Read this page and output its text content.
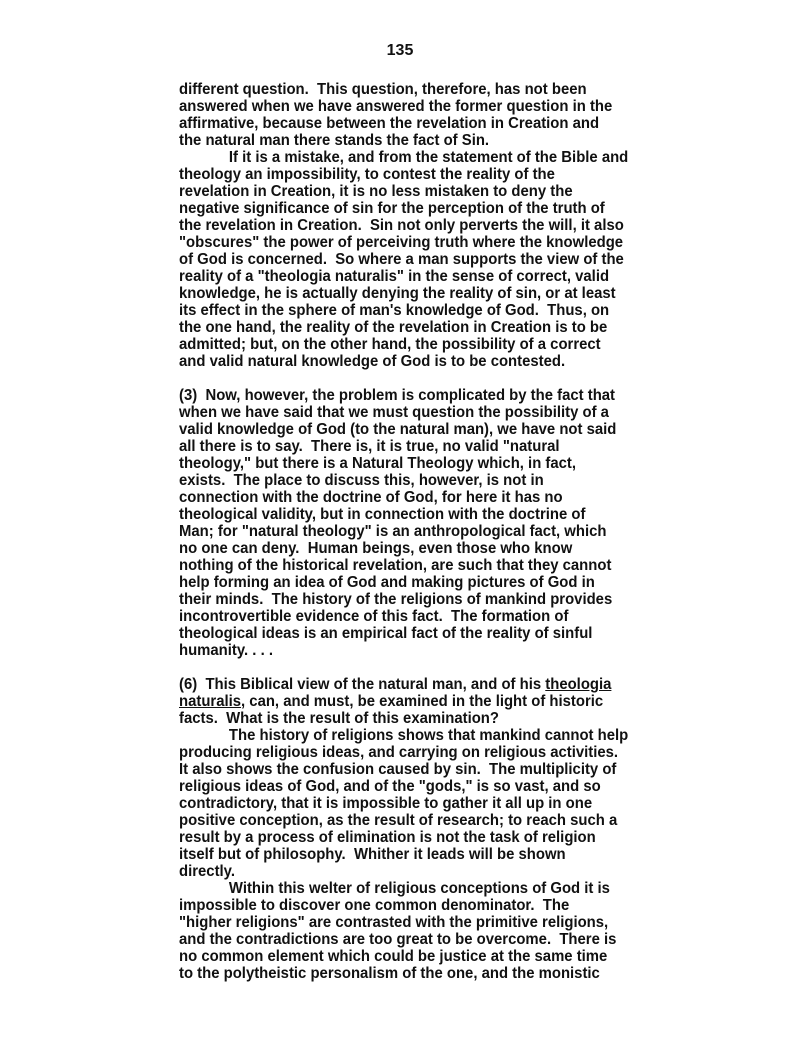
135
different question.  This question, therefore, has not been
answered when we have answered the former question in the
affirmative, because between the revelation in Creation and
the natural man there stands the fact of Sin.
If it is a mistake, and from the statement of the Bible and
theology an impossibility, to contest the reality of the
revelation in Creation, it is no less mistaken to deny the
negative significance of sin for the perception of the truth of
the revelation in Creation.  Sin not only perverts the will, it also
"obscures" the power of perceiving truth where the knowledge
of God is concerned.  So where a man supports the view of the
reality of a "theologia naturalis" in the sense of correct, valid
knowledge, he is actually denying the reality of sin, or at least
its effect in the sphere of man's knowledge of God.  Thus, on
the one hand, the reality of the revelation in Creation is to be
admitted; but, on the other hand, the possibility of a correct
and valid natural knowledge of God is to be contested.
(3)  Now, however, the problem is complicated by the fact that
when we have said that we must question the possibility of a
valid knowledge of God (to the natural man), we have not said
all there is to say.  There is, it is true, no valid "natural
theology," but there is a Natural Theology which, in fact,
exists.  The place to discuss this, however, is not in
connection with the doctrine of God, for here it has no
theological validity, but in connection with the doctrine of
Man; for "natural theology" is an anthropological fact, which
no one can deny.  Human beings, even those who know
nothing of the historical revelation, are such that they cannot
help forming an idea of God and making pictures of God in
their minds.  The history of the religions of mankind provides
incontrovertible evidence of this fact.  The formation of
theological ideas is an empirical fact of the reality of sinful
humanity. . . .
(6)  This Biblical view of the natural man, and of his theologia
naturalis, can, and must, be examined in the light of historic
facts.  What is the result of this examination?
The history of religions shows that mankind cannot help
producing religious ideas, and carrying on religious activities.
It also shows the confusion caused by sin.  The multiplicity of
religious ideas of God, and of the "gods," is so vast, and so
contradictory, that it is impossible to gather it all up in one
positive conception, as the result of research; to reach such a
result by a process of elimination is not the task of religion
itself but of philosophy.  Whither it leads will be shown
directly.
Within this welter of religious conceptions of God it is
impossible to discover one common denominator.  The
"higher religions" are contrasted with the primitive religions,
and the contradictions are too great to be overcome.  There is
no common element which could be justice at the same time
to the polytheistic personalism of the one, and the monistic
